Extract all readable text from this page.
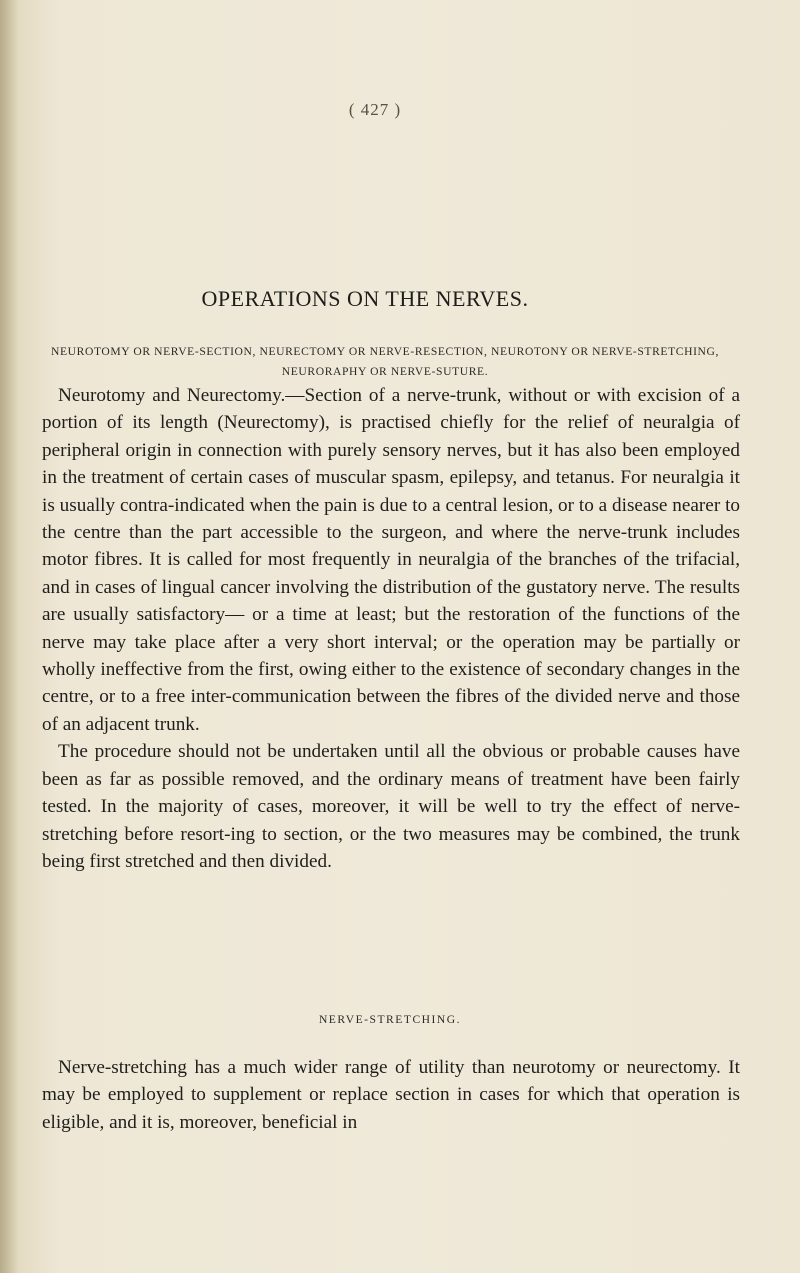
( 427 )
OPERATIONS ON THE NERVES.
NEUROTOMY OR NERVE-SECTION, NEURECTOMY OR NERVE-RESECTION, NEUROTONY OR NERVE-STRETCHING, NEURORAPHY OR NERVE-SUTURE.

Neurotomy and Neurectomy.—Section of a nerve-trunk, without or with excision of a portion of its length (Neurectomy), is practised chiefly for the relief of neuralgia of peripheral origin in connection with purely sensory nerves, but it has also been employed in the treatment of certain cases of muscular spasm, epilepsy, and tetanus. For neuralgia it is usually contra-indicated when the pain is due to a central lesion, or to a disease nearer to the centre than the part accessible to the surgeon, and where the nerve-trunk includes motor fibres. It is called for most frequently in neuralgia of the branches of the trifacial, and in cases of lingual cancer involving the distribution of the gustatory nerve. The results are usually satisfactory— or a time at least; but the restoration of the functions of the nerve may take place after a very short interval; or the operation may be partially or wholly ineffective from the first, owing either to the existence of secondary changes in the centre, or to a free inter-communication between the fibres of the divided nerve and those of an adjacent trunk.

The procedure should not be undertaken until all the obvious or probable causes have been as far as possible removed, and the ordinary means of treatment have been fairly tested. In the majority of cases, moreover, it will be well to try the effect of nerve-stretching before resort-ing to section, or the two measures may be combined, the trunk being first stretched and then divided.

NERVE-STRETCHING.

Nerve-stretching has a much wider range of utility than neurotomy or neurectomy. It may be employed to supplement or replace section in cases for which that operation is eligible, and it is, moreover, beneficial in
